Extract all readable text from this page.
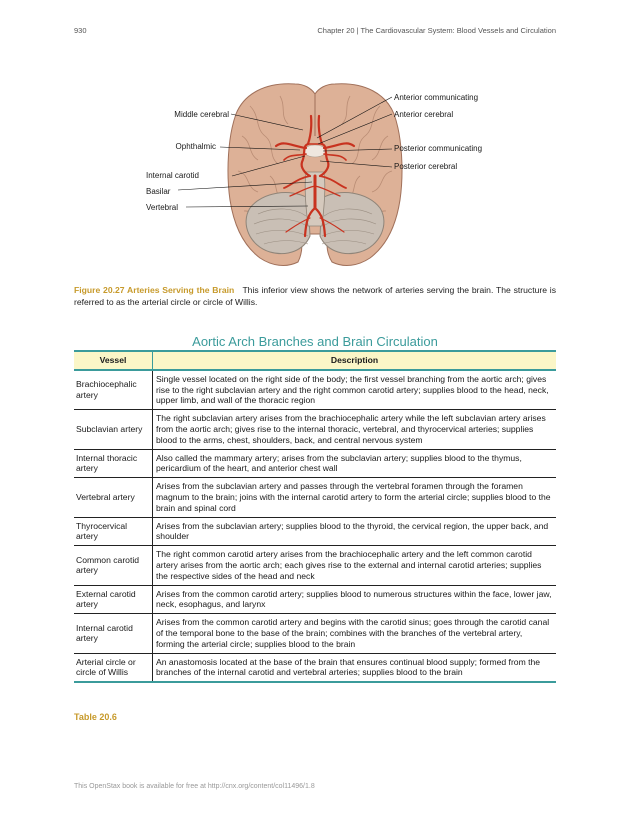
930	Chapter 20 | The Cardiovascular System: Blood Vessels and Circulation
Middle cerebral
Ophthalmic
Internal carotid
Basilar
Vertebral
Anterior communicating
Anterior cerebral
Posterior communicating
Posterior cerebral
Figure 20.27 Arteries Serving the Brain This inferior view shows the network of arteries serving the brain. The structure is referred to as the arterial circle or circle of Willis.
Aortic Arch Branches and Brain Circulation
Vessel	Description
Brachiocephalic artery	Single vessel located on the right side of the body; the first vessel branching from the aortic arch; gives rise to the right subclavian artery and the right common carotid artery; supplies blood to the head, neck, upper limb, and wall of the thoracic region
Subclavian artery	The right subclavian artery arises from the brachiocephalic artery while the left subclavian artery arises from the aortic arch; gives rise to the internal thoracic, vertebral, and thyrocervical arteries; supplies blood to the arms, chest, shoulders, back, and central nervous system
Internal thoracic artery	Also called the mammary artery; arises from the subclavian artery; supplies blood to the thymus, pericardium of the heart, and anterior chest wall
Vertebral artery	Arises from the subclavian artery and passes through the vertebral foramen through the foramen magnum to the brain; joins with the internal carotid artery to form the arterial circle; supplies blood to the brain and spinal cord
Thyrocervical artery	Arises from the subclavian artery; supplies blood to the thyroid, the cervical region, the upper back, and shoulder
Common carotid artery	The right common carotid artery arises from the brachiocephalic artery and the left common carotid artery arises from the aortic arch; each gives rise to the external and internal carotid arteries; supplies the respective sides of the head and neck
External carotid artery	Arises from the common carotid artery; supplies blood to numerous structures within the face, lower jaw, neck, esophagus, and larynx
Internal carotid artery	Arises from the common carotid artery and begins with the carotid sinus; goes through the carotid canal of the temporal bone to the base of the brain; combines with the branches of the vertebral artery, forming the arterial circle; supplies blood to the brain
Arterial circle or circle of Willis	An anastomosis located at the base of the brain that ensures continual blood supply; formed from the branches of the internal carotid and vertebral arteries; supplies blood to the brain
Table 20.6
This OpenStax book is available for free at http://cnx.org/content/col11496/1.8
